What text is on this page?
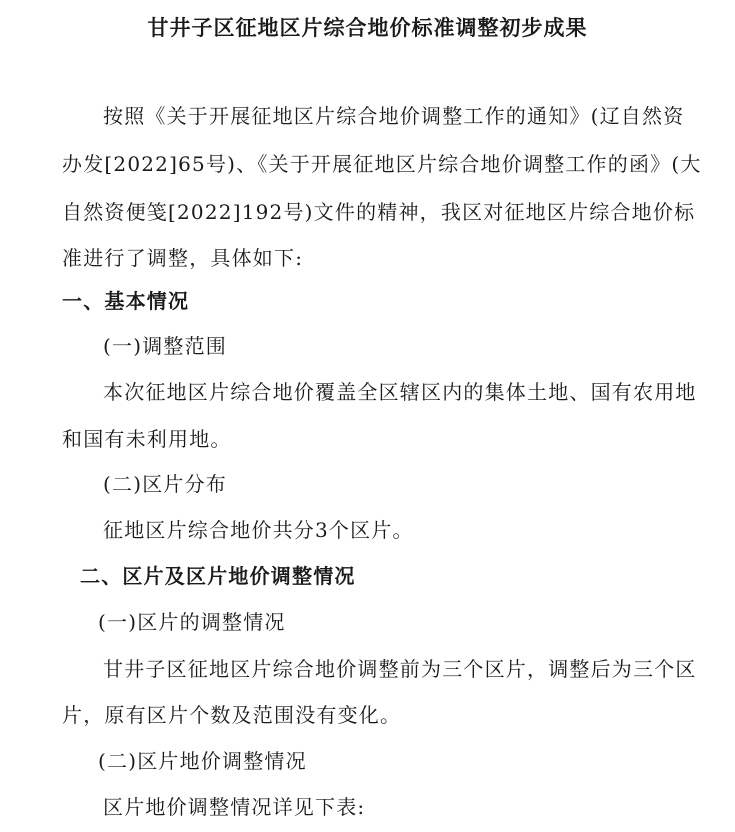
甘井子区征地区片综合地价标准调整初步成果
按照《关于开展征地区片综合地价调整工作的通知》(辽自然资
办发[2022]65号)、《关于开展征地区片综合地价调整工作的函》(大
自然资便笺[2022]192号)文件的精神，我区对征地区片综合地价标
准进行了调整，具体如下:
一、基本情况
(一)调整范围
本次征地区片综合地价覆盖全区辖区内的集体土地、国有农用地
和国有未利用地。
(二)区片分布
征地区片综合地价共分3个区片。
二、区片及区片地价调整情况
(一)区片的调整情况
甘井子区征地区片综合地价调整前为三个区片，调整后为三个区
片，原有区片个数及范围没有变化。
(二)区片地价调整情况
区片地价调整情况详见下表:
